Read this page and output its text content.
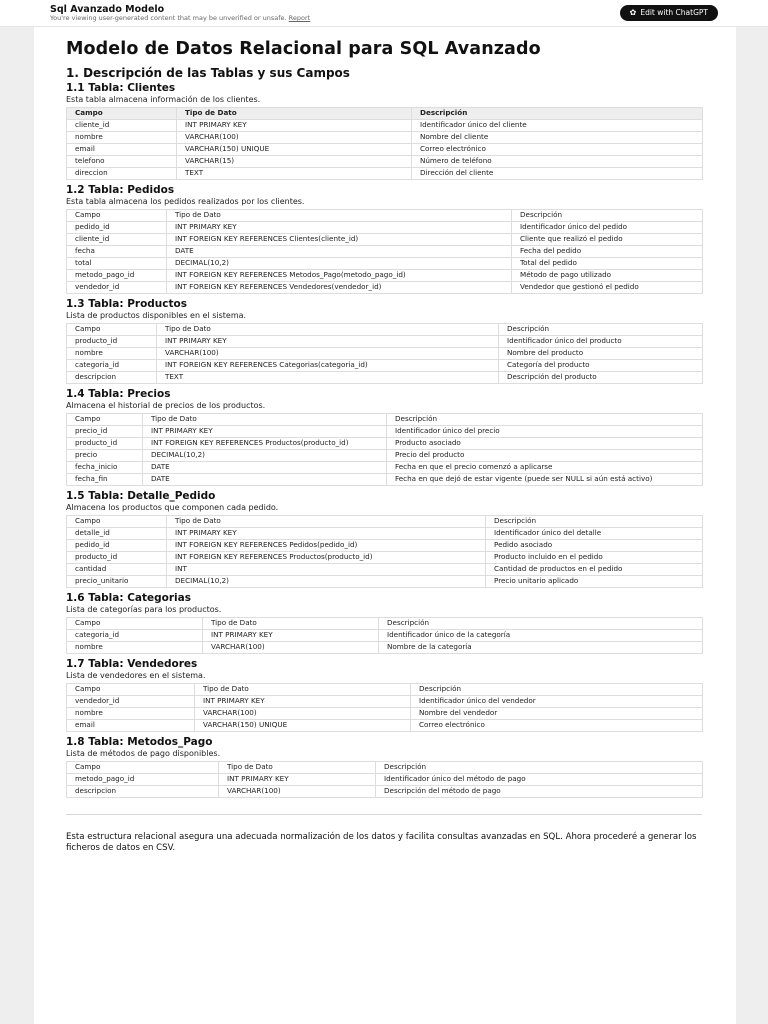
Sql Avanzado Modelo
You're viewing user-generated content that may be unverified or unsafe. Report
✿ Edit with ChatGPT
Modelo de Datos Relacional para SQL Avanzado
1. Descripción de las Tablas y sus Campos
1.1 Tabla: Clientes

Esta tabla almacena información de los clientes.

Campo	Tipo de Dato	Descripción
cliente_id	INT PRIMARY KEY	Identificador único del cliente
nombre	VARCHAR(100)	Nombre del cliente
email	VARCHAR(150) UNIQUE	Correo electrónico
telefono	VARCHAR(15)	Número de teléfono
direccion	TEXT	Dirección del cliente
1.2 Tabla: Pedidos

Esta tabla almacena los pedidos realizados por los clientes.

Campo	Tipo de Dato	Descripción
pedido_id	INT PRIMARY KEY	Identificador único del pedido
cliente_id	INT FOREIGN KEY REFERENCES Clientes(cliente_id)	Cliente que realizó el pedido
fecha	DATE	Fecha del pedido
total	DECIMAL(10,2)	Total del pedido
metodo_pago_id	INT FOREIGN KEY REFERENCES Metodos_Pago(metodo_pago_id)	Método de pago utilizado
vendedor_id	INT FOREIGN KEY REFERENCES Vendedores(vendedor_id)	Vendedor que gestionó el pedido
1.3 Tabla: Productos

Lista de productos disponibles en el sistema.

Campo	Tipo de Dato	Descripción
producto_id	INT PRIMARY KEY	Identificador único del producto
nombre	VARCHAR(100)	Nombre del producto
categoria_id	INT FOREIGN KEY REFERENCES Categorias(categoria_id)	Categoría del producto
descripcion	TEXT	Descripción del producto
1.4 Tabla: Precios

Almacena el historial de precios de los productos.

Campo	Tipo de Dato	Descripción
precio_id	INT PRIMARY KEY	Identificador único del precio
producto_id	INT FOREIGN KEY REFERENCES Productos(producto_id)	Producto asociado
precio	DECIMAL(10,2)	Precio del producto
fecha_inicio	DATE	Fecha en que el precio comenzó a aplicarse
fecha_fin	DATE	Fecha en que dejó de estar vigente (puede ser NULL si aún está activo)
1.5 Tabla: Detalle_Pedido

Almacena los productos que componen cada pedido.

Campo	Tipo de Dato	Descripción
detalle_id	INT PRIMARY KEY	Identificador único del detalle
pedido_id	INT FOREIGN KEY REFERENCES Pedidos(pedido_id)	Pedido asociado
producto_id	INT FOREIGN KEY REFERENCES Productos(producto_id)	Producto incluido en el pedido
cantidad	INT	Cantidad de productos en el pedido
precio_unitario	DECIMAL(10,2)	Precio unitario aplicado
1.6 Tabla: Categorias

Lista de categorías para los productos.

Campo	Tipo de Dato	Descripción
categoria_id	INT PRIMARY KEY	Identificador único de la categoría
nombre	VARCHAR(100)	Nombre de la categoría
1.7 Tabla: Vendedores

Lista de vendedores en el sistema.

Campo	Tipo de Dato	Descripción
vendedor_id	INT PRIMARY KEY	Identificador único del vendedor
nombre	VARCHAR(100)	Nombre del vendedor
email	VARCHAR(150) UNIQUE	Correo electrónico
1.8 Tabla: Metodos_Pago

Lista de métodos de pago disponibles.

Campo	Tipo de Dato	Descripción
metodo_pago_id	INT PRIMARY KEY	Identificador único del método de pago
descripcion	VARCHAR(100)	Descripción del método de pago
Esta estructura relacional asegura una adecuada normalización de los datos y facilita consultas avanzadas en SQL. Ahora procederé a generar los ficheros de datos en CSV.
